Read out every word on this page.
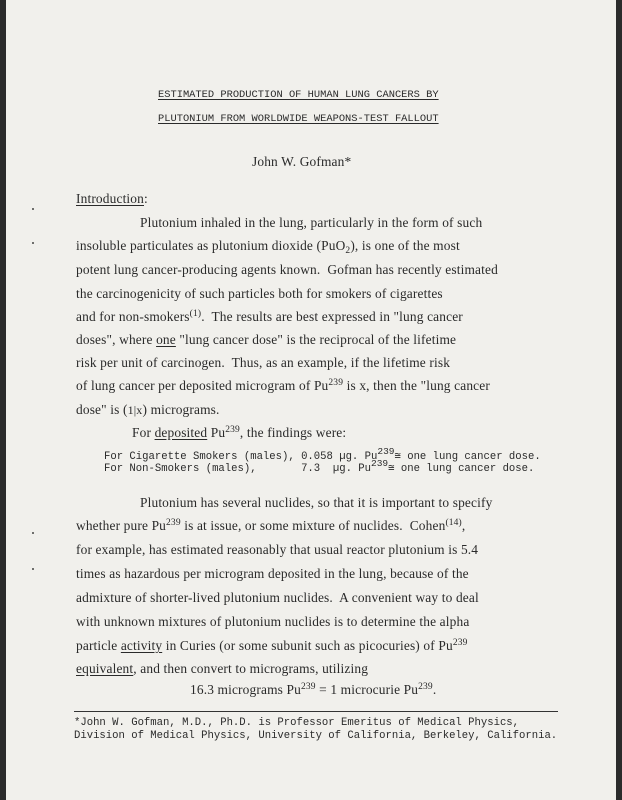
ESTIMATED PRODUCTION OF HUMAN LUNG CANCERS BY
PLUTONIUM FROM WORLDWIDE WEAPONS-TEST FALLOUT
John W. Gofman*
Introduction:
Plutonium inhaled in the lung, particularly in the form of such
insoluble particulates as plutonium dioxide (PuO$_2$), is one of the most
potent lung cancer-producing agents known.  Gofman has recently estimated
the carcinogenicity of such particles both for smokers of cigarettes
and for non-smokers$^{(1)}$.  The results are best expressed in "lung cancer
doses", where one "lung cancer dose" is the reciprocal of the lifetime
risk per unit of carcinogen.  Thus, as an example, if the lifetime risk
of lung cancer per deposited microgram of Pu$^{239}$ is x, then the "lung cancer
dose" is (1|x) micrograms.
For deposited Pu$^{239}$, the findings were:
For Cigarette Smokers (males), 0.058 µg. Pu239≅ one lung cancer dose.
For Non-Smokers (males),       7.3  µg. Pu239≅ one lung cancer dose.
Plutonium has several nuclides, so that it is important to specify
whether pure Pu$^{239}$ is at issue, or some mixture of nuclides.  Cohen$^{(14)}$,
for example, has estimated reasonably that usual reactor plutonium is 5.4
times as hazardous per microgram deposited in the lung, because of the
admixture of shorter-lived plutonium nuclides.  A convenient way to deal
with unknown mixtures of plutonium nuclides is to determine the alpha
particle activity in Curies (or some subunit such as picocuries) of Pu$^{239}$
equivalent, and then convert to micrograms, utilizing
16.3 micrograms $Pu^{239} = 1$ microcurie Pu$^{239}$.
*John W. Gofman, M.D., Ph.D. is Professor Emeritus of Medical Physics,
Division of Medical Physics, University of California, Berkeley, California.
